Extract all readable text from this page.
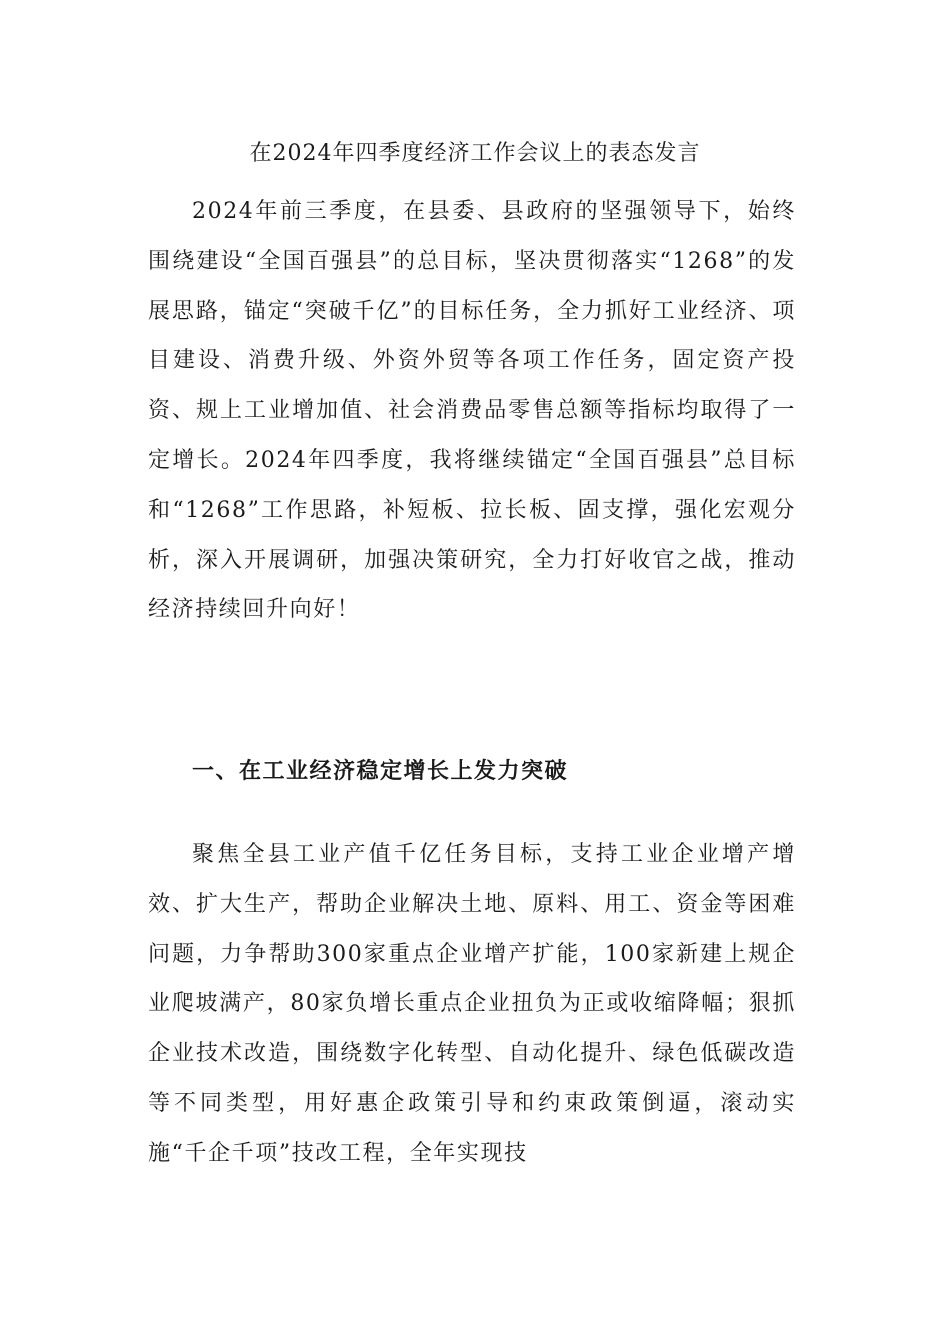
在2024年四季度经济工作会议上的表态发言

2024年前三季度，在县委、县政府的坚强领导下，始终围绕建设“全国百强县”的总目标，坚决贯彻落实“1268”的发展思路，锚定“突破千亿”的目标任务，全力抓好工业经济、项目建设、消费升级、外资外贸等各项工作任务，固定资产投资、规上工业增加值、社会消费品零售总额等指标均取得了一定增长。2024年四季度，我将继续锚定“全国百强县”总目标和“1268”工作思路，补短板、拉长板、固支撑，强化宏观分析，深入开展调研，加强决策研究，全力打好收官之战，推动经济持续回升向好！

一、在工业经济稳定增长上发力突破

聚焦全县工业产值千亿任务目标，支持工业企业增产增效、扩大生产，帮助企业解决土地、原料、用工、资金等困难问题，力争帮助300家重点企业增产扩能，100家新建上规企业爬坡满产，80家负增长重点企业扭负为正或收缩降幅；狠抓企业技术改造，围绕数字化转型、自动化提升、绿色低碳改造等不同类型，用好惠企政策引导和约束政策倒逼，滚动实施“千企千项”技改工程，全年实现技
